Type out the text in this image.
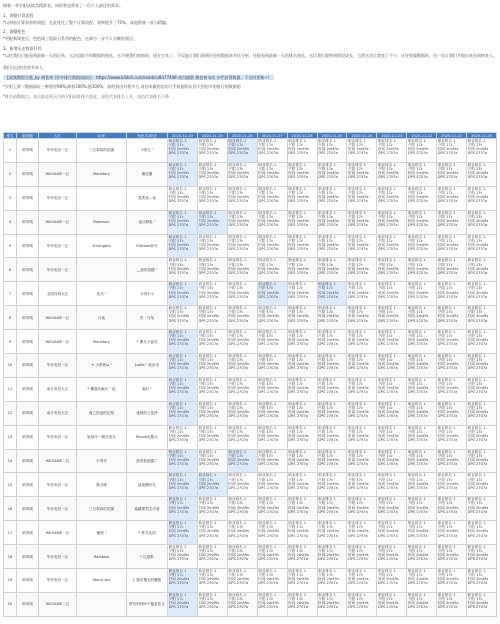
刷新一季夕阳试炼宫精准表，同时我也带来了一份个人最佳的需求。

1、调整计算流程

*以初始计算初余时间值，在此优化了整个计算流程，效率提升了70%，真提供统一流与精编。

2、调整配色

*更配新调变后，色色调了提取石系列的配色，这离另一步令人对颜的强点。

3、新增历史数据归档

*以往我们只能看到最新一天的记录，无法追踪不同数据的变化，这不便我们观察的，现在它来了，不仅能让我们看到历史的数据来对比分析，还能看到最新一天的排名变化，这位我们观察到阶段成长，当然这也让我变了不少，这导致做数据时，这一次让我们升级出来在网络来人。

我们这边的会的有来人

【视频教程合集_by 梅苍黄 (更多排行数据请前往：https://www.bilibili.com/read/cv8477448 或扫描版 梅苍黄 b站 专栏获得数据，不定时更新~）

*夕阳上阶（数据保证三种别更98%,降初300%,据300%，如的到出对我多方,请回来做的信的几乎收据的认到大别的多的排行的数据的

*排名前数据点，表示最近两天内的夕阳试炼排名变化，深色代表排名上升，浅色代表排名下降

排名	服务器	大区	玩家	角色名/职业	2020-11-30	2020-11-29	2020-11-28	2020-11-27	2020-11-26	2020-11-25	2020-11-24	2020-11-23	2020-11-22	2020-11-21	2020-11-20
1	聆风城	华东电信一区	三旦叔叔的花圃	小裙儿 ⁿ	职业排名 1
夕阳 17c
时间 2m49s
DPS 2707a	职业排名 1
夕阳 17c
时间 2m49s
DPS 2707a	职业排名 1
夕阳 17c
时间 2m49s
DPS 2707a	职业排名 1
夕阳 17c
时间 2m49s
DPS 2707a	职业排名 1
夕阳 17c
时间 2m49s
DPS 2707a	职业排名 1
夕阳 17c
时间 2m49s
DPS 2707a	职业排名 1
夕阳 17c
时间 2m49s
DPS 2707a	职业排名 1
夕阳 17c
时间 2m49s
DPS 2707a	职业排名 1
夕阳 17c
时间 2m49s
DPS 2707a	职业排名 1
夕阳 17c
时间 2m49s
DPS 2707a	职业排名 1
夕阳 17c
时间 2m49s
DPS 2707a

2	聆风城	WEGAME一区	Monetary	楠北靓	职业排名 1
夕阳 17c
时间 2m49s
DPS 2707a	职业排名 1
夕阳 17c
时间 2m49s
DPS 2707a	职业排名 1
夕阳 17c
时间 2m49s
DPS 2707a	职业排名 1
夕阳 17c
时间 2m49s
DPS 2707a	职业排名 1
夕阳 17c
时间 2m49s
DPS 2707a	职业排名 1
夕阳 17c
时间 2m49s
DPS 2707a	职业排名 1
夕阳 17c
时间 2m49s
DPS 2707a	职业排名 1
夕阳 17c
时间 2m49s
DPS 2707a	职业排名 1
夕阳 17c
时间 2m49s
DPS 2707a	职业排名 1
夕阳 17c
时间 2m49s
DPS 2707a	职业排名 1
夕阳 17c
时间 2m49s
DPS 2707a

3	聆风城	华东电信一区		忽诶炎—姐	职业排名 1
夕阳 17c
时间 2m49s
DPS 2707a	职业排名 1
夕阳 17c
时间 2m49s
DPS 2707a	职业排名 1
夕阳 17c
时间 2m49s
DPS 2707a	职业排名 1
夕阳 17c
时间 2m49s
DPS 2707a	职业排名 1
夕阳 17c
时间 2m49s
DPS 2707a	职业排名 1
夕阳 17c
时间 2m49s
DPS 2707a	职业排名 1
夕阳 17c
时间 2m49s
DPS 2707a	职业排名 1
夕阳 17c
时间 2m49s
DPS 2707a	职业排名 1
夕阳 17c
时间 2m49s
DPS 2707a	职业排名 1
夕阳 17c
时间 2m49s
DPS 2707a	职业排名 1
夕阳 17c
时间 2m49s
DPS 2707a

4	聆风城	WEGAME一区	Pokemon	瑶汉棋蛇 ⁿ	职业排名 1
夕阳 17c
时间 2m49s
DPS 2707a	职业排名 1
夕阳 17c
时间 2m49s
DPS 2707a	职业排名 1
夕阳 17c
时间 2m49s
DPS 2707a	职业排名 1
夕阳 17c
时间 2m49s
DPS 2707a	职业排名 1
夕阳 17c
时间 2m49s
DPS 2707a	职业排名 1
夕阳 17c
时间 2m49s
DPS 2707a	职业排名 1
夕阳 17c
时间 2m49s
DPS 2707a	职业排名 1
夕阳 17c
时间 2m49s
DPS 2707a	职业排名 1
夕阳 17c
时间 2m49s
DPS 2707a	职业排名 1
夕阳 17c
时间 2m49s
DPS 2707a	职业排名 1
夕阳 17c
时间 2m49s
DPS 2707a

5	聆风城	华东电信一区	A'vengers	Folklore菲冷	职业排名 1
夕阳 17c
时间 2m49s
DPS 2707a	职业排名 1
夕阳 17c
时间 2m49s
DPS 2707a	职业排名 1
夕阳 17c
时间 2m49s
DPS 2707a	职业排名 1
夕阳 17c
时间 2m49s
DPS 2707a	职业排名 1
夕阳 17c
时间 2m49s
DPS 2707a	职业排名 1
夕阳 17c
时间 2m49s
DPS 2707a	职业排名 1
夕阳 17c
时间 2m49s
DPS 2707a	职业排名 1
夕阳 17c
时间 2m49s
DPS 2707a	职业排名 1
夕阳 17c
时间 2m49s
DPS 2707a	职业排名 1
夕阳 17c
时间 2m49s
DPS 2707a	职业排名 1
夕阳 17c
时间 2m49s
DPS 2707a

6	聆风城	华东电信一区		__如故拾醒 ⁿ	职业排名 1
夕阳 17c
时间 2m49s
DPS 2707a	职业排名 1
夕阳 17c
时间 2m49s
DPS 2707a	职业排名 1
夕阳 17c
时间 2m49s
DPS 2707a	职业排名 1
夕阳 17c
时间 2m49s
DPS 2707a	职业排名 1
夕阳 17c
时间 2m49s
DPS 2707a	职业排名 1
夕阳 17c
时间 2m49s
DPS 2707a	职业排名 1
夕阳 17c
时间 2m49s
DPS 2707a	职业排名 1
夕阳 17c
时间 2m49s
DPS 2707a	职业排名 1
夕阳 17c
时间 2m49s
DPS 2707a	职业排名 1
夕阳 17c
时间 2m49s
DPS 2707a	职业排名 1
夕阳 17c
时间 2m49s
DPS 2707a

7	聆风城	全国同城大区	初灵 ⁿ	卡塔小小	职业排名 1
夕阳 17c
时间 2m49s
DPS 2707a	职业排名 1
夕阳 17c
时间 2m49s
DPS 2707a	职业排名 1
夕阳 17c
时间 2m49s
DPS 2707a	职业排名 1
夕阳 17c
时间 2m49s
DPS 2707a	职业排名 1
夕阳 17c
时间 2m49s
DPS 2707a	职业排名 1
夕阳 17c
时间 2m49s
DPS 2707a	职业排名 1
夕阳 17c
时间 2m49s
DPS 2707a	职业排名 1
夕阳 17c
时间 2m49s
DPS 2707a	职业排名 1
夕阳 17c
时间 2m49s
DPS 2707a	职业排名 1
夕阳 17c
时间 2m49s
DPS 2707a	职业排名 1
夕阳 17c
时间 2m49s
DPS 2707a

8	聆风城	WEGAME一区	月夜	饼 · 马兔	职业排名 1
夕阳 17c
时间 2m49s
DPS 2707a	职业排名 1
夕阳 17c
时间 2m49s
DPS 2707a	职业排名 1
夕阳 17c
时间 2m49s
DPS 2707a	职业排名 1
夕阳 17c
时间 2m49s
DPS 2707a	职业排名 1
夕阳 17c
时间 2m49s
DPS 2707a	职业排名 1
夕阳 17c
时间 2m49s
DPS 2707a	职业排名 1
夕阳 17c
时间 2m49s
DPS 2707a	职业排名 1
夕阳 17c
时间 2m49s
DPS 2707a	职业排名 1
夕阳 17c
时间 2m49s
DPS 2707a	职业排名 1
夕阳 17c
时间 2m49s
DPS 2707a	职业排名 1
夕阳 17c
时间 2m49s
DPS 2707a

9	聆风城	WEGAME一区	Monetary	* 薰灵小福灵	职业排名 1
夕阳 17c
时间 2m49s
DPS 2707a	职业排名 1
夕阳 17c
时间 2m49s
DPS 2707a	职业排名 1
夕阳 17c
时间 2m49s
DPS 2707a	职业排名 1
夕阳 17c
时间 2m49s
DPS 2707a	职业排名 1
夕阳 17c
时间 2m49s
DPS 2707a	职业排名 1
夕阳 17c
时间 2m49s
DPS 2707a	职业排名 1
夕阳 17c
时间 2m49s
DPS 2707a	职业排名 1
夕阳 17c
时间 2m49s
DPS 2707a	职业排名 1
夕阳 17c
时间 2m49s
DPS 2707a	职业排名 1
夕阳 17c
时间 2m49s
DPS 2707a	职业排名 1
夕阳 17c
时间 2m49s
DPS 2707a

10	聆风城	华东电信一区	✦ 小夢莉ω ⁿ	Lolita ⁿ 欲灰禾	职业排名 1
夕阳 17c
时间 2m49s
DPS 2707a	职业排名 1
夕阳 17c
时间 2m49s
DPS 2707a	职业排名 1
夕阳 17c
时间 2m49s
DPS 2707a	职业排名 1
夕阳 17c
时间 2m49s
DPS 2707a	职业排名 1
夕阳 17c
时间 2m49s
DPS 2707a	职业排名 1
夕阳 17c
时间 2m49s
DPS 2707a	职业排名 1
夕阳 17c
时间 2m49s
DPS 2707a	职业排名 1
夕阳 17c
时间 2m49s
DPS 2707a	职业排名 1
夕阳 17c
时间 2m49s
DPS 2707a	职业排名 1
夕阳 17c
时间 2m49s
DPS 2707a	职业排名 1
夕阳 17c
时间 2m49s
DPS 2707a

11	聆风城	南方电信大区	* 薰遂的幽女 ⁿ 泥	霜叶 ⁿ	职业排名 1
夕阳 17c
时间 2m49s
DPS 2707a	职业排名 1
夕阳 17c
时间 2m49s
DPS 2707a	职业排名 1
夕阳 17c
时间 2m49s
DPS 2707a	职业排名 1
夕阳 17c
时间 2m49s
DPS 2707a	职业排名 1
夕阳 17c
时间 2m49s
DPS 2707a	职业排名 1
夕阳 17c
时间 2m49s
DPS 2707a	职业排名 1
夕阳 17c
时间 2m49s
DPS 2707a	职业排名 1
夕阳 17c
时间 2m49s
DPS 2707a	职业排名 1
夕阳 17c
时间 2m49s
DPS 2707a	职业排名 1
夕阳 17c
时间 2m49s
DPS 2707a	职业排名 1
夕阳 17c
时间 2m49s
DPS 2707a

12	聆风城	南方电信大区	莉之旅途的定格	夜晨的云花伶	职业排名 1
夕阳 17c
时间 2m49s
DPS 2707a	职业排名 1
夕阳 17c
时间 2m49s
DPS 2707a	职业排名 1
夕阳 17c
时间 2m49s
DPS 2707a	职业排名 1
夕阳 17c
时间 2m49s
DPS 2707a	职业排名 1
夕阳 17c
时间 2m49s
DPS 2707a	职业排名 1
夕阳 17c
时间 2m49s
DPS 2707a	职业排名 1
夕阳 17c
时间 2m49s
DPS 2707a	职业排名 1
夕阳 17c
时间 2m49s
DPS 2707a	职业排名 1
夕阳 17c
时间 2m49s
DPS 2707a	职业排名 1
夕阳 17c
时间 2m49s
DPS 2707a	职业排名 1
夕阳 17c
时间 2m49s
DPS 2707a

13	聆风城	华东电信一区	她被年一精灵竟在	Renzo无限大	职业排名 1
夕阳 17c
时间 2m49s
DPS 2707a	职业排名 1
夕阳 17c
时间 2m49s
DPS 2707a	职业排名 1
夕阳 17c
时间 2m49s
DPS 2707a	职业排名 1
夕阳 17c
时间 2m49s
DPS 2707a	职业排名 1
夕阳 17c
时间 2m49s
DPS 2707a	职业排名 1
夕阳 17c
时间 2m49s
DPS 2707a	职业排名 1
夕阳 17c
时间 2m49s
DPS 2707a	职业排名 1
夕阳 17c
时间 2m49s
DPS 2707a	职业排名 1
夕阳 17c
时间 2m49s
DPS 2707a	职业排名 1
夕阳 17c
时间 2m49s
DPS 2707a	职业排名 1
夕阳 17c
时间 2m49s
DPS 2707a

14	聆风城	WEGAME二区	小男祥	游者狐狸露丫	职业排名 1
夕阳 17c
时间 2m49s
DPS 2707a	职业排名 1
夕阳 17c
时间 2m49s
DPS 2707a	职业排名 1
夕阳 17c
时间 2m49s
DPS 2707a	职业排名 1
夕阳 17c
时间 2m49s
DPS 2707a	职业排名 1
夕阳 17c
时间 2m49s
DPS 2707a	职业排名 1
夕阳 17c
时间 2m49s
DPS 2707a	职业排名 1
夕阳 17c
时间 2m49s
DPS 2707a	职业排名 1
夕阳 17c
时间 2m49s
DPS 2707a	职业排名 1
夕阳 17c
时间 2m49s
DPS 2707a	职业排名 1
夕阳 17c
时间 2m49s
DPS 2707a	职业排名 1
夕阳 17c
时间 2m49s
DPS 2707a

15	聆风城	华东电信一区	墨吉缘	遥莲酬早孔	职业排名 1
夕阳 17c
时间 2m49s
DPS 2707a	职业排名 1
夕阳 17c
时间 2m49s
DPS 2707a	职业排名 1
夕阳 17c
时间 2m49s
DPS 2707a	职业排名 1
夕阳 17c
时间 2m49s
DPS 2707a	职业排名 1
夕阳 17c
时间 2m49s
DPS 2707a	职业排名 1
夕阳 17c
时间 2m49s
DPS 2707a	职业排名 1
夕阳 17c
时间 2m49s
DPS 2707a	职业排名 1
夕阳 17c
时间 2m49s
DPS 2707a	职业排名 1
夕阳 17c
时间 2m49s
DPS 2707a	职业排名 1
夕阳 17c
时间 2m49s
DPS 2707a	职业排名 1
夕阳 17c
时间 2m49s
DPS 2707a

16	聆风城	华东电信一区	三旦叔叔的花圃	地藏暴君去冷看	职业排名 1
夕阳 17c
时间 2m49s
DPS 2707a	职业排名 1
夕阳 17c
时间 2m49s
DPS 2707a	职业排名 1
夕阳 17c
时间 2m49s
DPS 2707a	职业排名 1
夕阳 17c
时间 2m49s
DPS 2707a	职业排名 1
夕阳 17c
时间 2m49s
DPS 2707a	职业排名 1
夕阳 17c
时间 2m49s
DPS 2707a	职业排名 1
夕阳 17c
时间 2m49s
DPS 2707a	职业排名 1
夕阳 17c
时间 2m49s
DPS 2707a	职业排名 1
夕阳 17c
时间 2m49s
DPS 2707a	职业排名 1
夕阳 17c
时间 2m49s
DPS 2707a	职业排名 1
夕阳 17c
时间 2m49s
DPS 2707a

17	聆风城	WEGAME一区	嫩使 ⁿ	* 梦灵花园	职业排名 1
夕阳 17c
时间 2m49s
DPS 2707a	职业排名 1
夕阳 17c
时间 2m49s
DPS 2707a	职业排名 1
夕阳 17c
时间 2m49s
DPS 2707a	职业排名 1
夕阳 17c
时间 2m49s
DPS 2707a	职业排名 1
夕阳 17c
时间 2m49s
DPS 2707a	职业排名 1
夕阳 17c
时间 2m49s
DPS 2707a	职业排名 1
夕阳 17c
时间 2m49s
DPS 2707a	职业排名 1
夕阳 17c
时间 2m49s
DPS 2707a	职业排名 1
夕阳 17c
时间 2m49s
DPS 2707a	职业排名 1
夕阳 17c
时间 2m49s
DPS 2707a	职业排名 1
夕阳 17c
时间 2m49s
DPS 2707a

18	聆风城	华东电信一区	Rainbow	* 拉屋野	职业排名 1
夕阳 17c
时间 2m49s
DPS 2707a	职业排名 1
夕阳 17c
时间 2m49s
DPS 2707a	职业排名 1
夕阳 17c
时间 2m49s
DPS 2707a	职业排名 1
夕阳 17c
时间 2m49s
DPS 2707a	职业排名 1
夕阳 17c
时间 2m49s
DPS 2707a	职业排名 1
夕阳 17c
时间 2m49s
DPS 2707a	职业排名 1
夕阳 17c
时间 2m49s
DPS 2707a	职业排名 1
夕阳 17c
时间 2m49s
DPS 2707a	职业排名 1
夕阳 17c
时间 2m49s
DPS 2707a	职业排名 1
夕阳 17c
时间 2m49s
DPS 2707a	职业排名 1
夕阳 17c
时间 2m49s
DPS 2707a

19	聆风城	华东电信一区	Starry sky	} 猫有覆无的魔愿	职业排名 1
夕阳 17c
时间 2m49s
DPS 2707a	职业排名 1
夕阳 17c
时间 2m49s
DPS 2707a	职业排名 1
夕阳 17c
时间 2m49s
DPS 2707a	职业排名 1
夕阳 17c
时间 2m49s
DPS 2707a	职业排名 1
夕阳 17c
时间 2m49s
DPS 2707a	职业排名 1
夕阳 17c
时间 2m49s
DPS 2707a	职业排名 1
夕阳 17c
时间 2m49s
DPS 2707a	职业排名 1
夕阳 17c
时间 2m49s
DPS 2707a	职业排名 1
夕阳 17c
时间 2m49s
DPS 2707a	职业排名 1
夕阳 17c
时间 2m49s
DPS 2707a	职业排名 1
夕阳 17c
时间 2m49s
DPS 2707a

20	聆风城	WEGAME二区		梦有的钟问不能更拒无	职业排名 1
夕阳 17c
时间 2m49s
DPS 2707a	职业排名 1
夕阳 17c
时间 2m49s
DPS 2707a	职业排名 1
夕阳 17c
时间 2m49s
DPS 2707a	职业排名 1
夕阳 17c
时间 2m49s
DPS 2707a	职业排名 1
夕阳 17c
时间 2m49s
DPS 2707a	职业排名 1
夕阳 17c
时间 2m49s
DPS 2707a	职业排名 1
夕阳 17c
时间 2m49s
DPS 2707a	职业排名 1
夕阳 17c
时间 2m49s
DPS 2707a	职业排名 1
夕阳 17c
时间 2m49s
DPS 2707a	职业排名 1
夕阳 17c
时间 2m49s
DPS 2707a	职业排名 1
夕阳 17c
时间 2m49s
DPS 2707a
